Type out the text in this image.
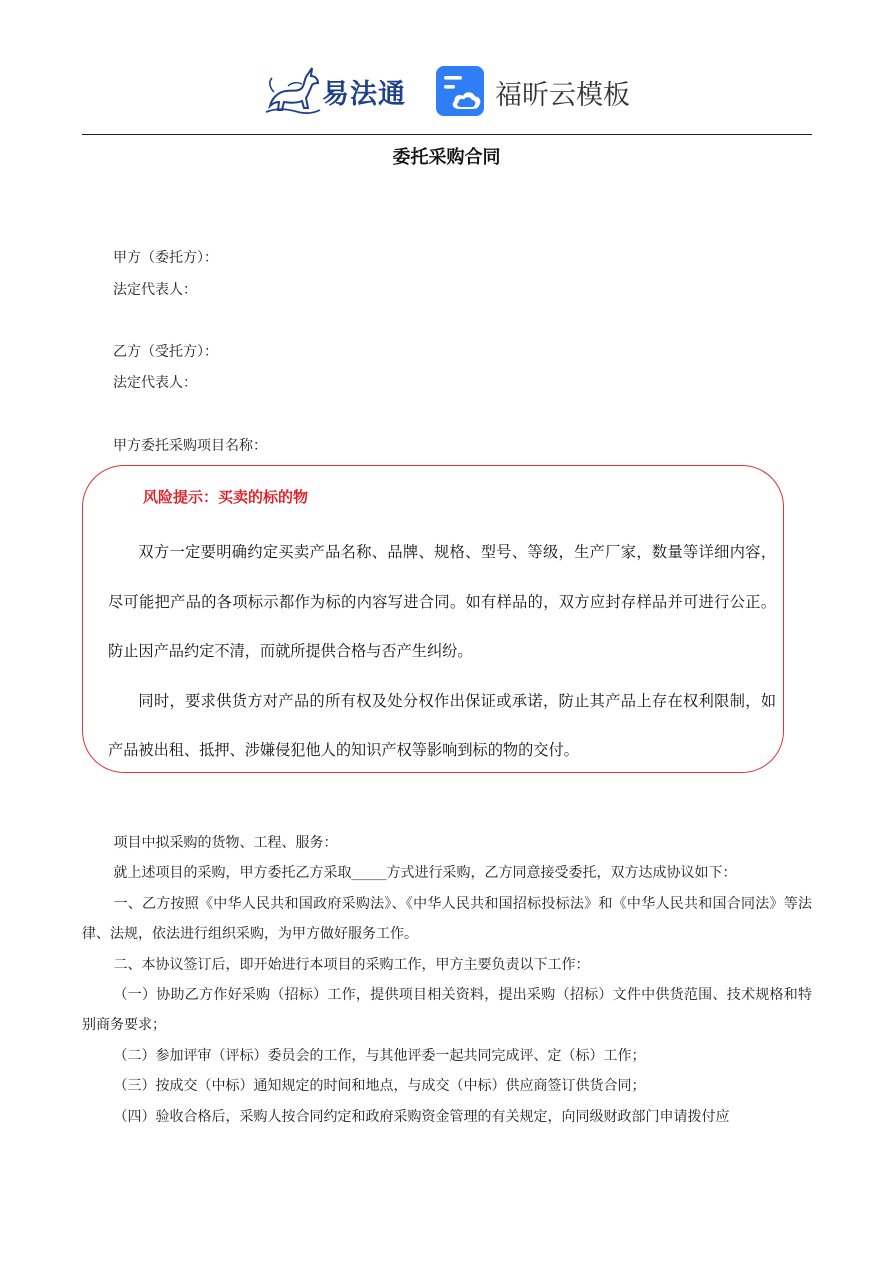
易法通	福昕云模板
委托采购合同
甲方（委托方）：
法定代表人：
乙方（受托方）：
法定代表人：
甲方委托采购项目名称：
风险提示：买卖的标的物

双方一定要明确约定买卖产品名称、品牌、规格、型号、等级，生产厂家，数量等详细内容，尽可能把产品的各项标示都作为标的内容写进合同。如有样品的，双方应封存样品并可进行公正。防止因产品约定不清，而就所提供合格与否产生纠纷。

同时，要求供货方对产品的所有权及处分权作出保证或承诺，防止其产品上存在权利限制，如产品被出租、抵押、涉嫌侵犯他人的知识产权等影响到标的物的交付。

项目中拟采购的货物、工程、服务：

就上述项目的采购，甲方委托乙方采取_____方式进行采购，乙方同意接受委托，双方达成协议如下：

一、乙方按照《中华人民共和国政府采购法》、《中华人民共和国招标投标法》和《中华人民共和国合同法》等法律、法规，依法进行组织采购，为甲方做好服务工作。

二、本协议签订后，即开始进行本项目的采购工作，甲方主要负责以下工作：

（一）协助乙方作好采购（招标）工作，提供项目相关资料，提出采购（招标）文件中供货范围、技术规格和特别商务要求；

（二）参加评审（评标）委员会的工作，与其他评委一起共同完成评、定（标）工作；

（三）按成交（中标）通知规定的时间和地点，与成交（中标）供应商签订供货合同；

（四）验收合格后，采购人按合同约定和政府采购资金管理的有关规定，向同级财政部门申请拨付应
